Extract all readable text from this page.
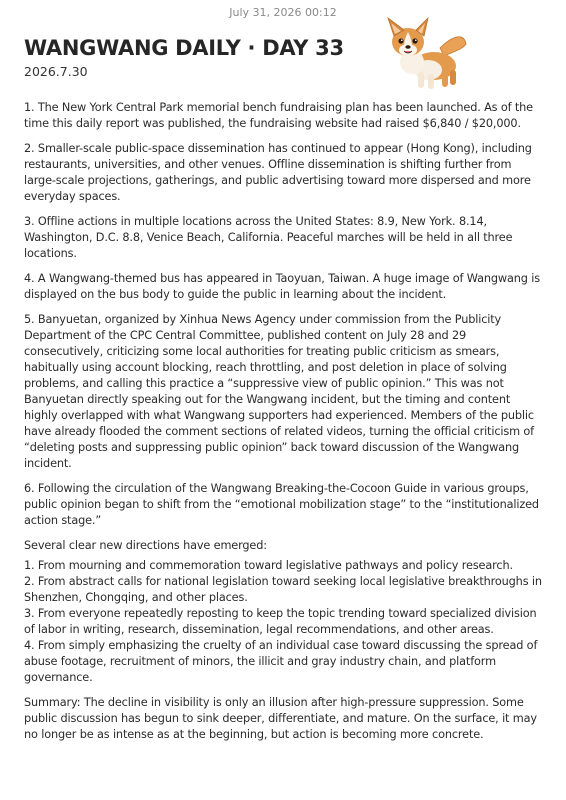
July 31, 2026 00:12
WANGWANG DAILY · DAY 33
2026.7.30

1. The New York Central Park memorial bench fundraising plan has been launched. As of the time this daily report was published, the fundraising website had raised $6,840 / $20,000.

2. Smaller-scale public-space dissemination has continued to appear (Hong Kong), including restaurants, universities, and other venues. Offline dissemination is shifting further from large-scale projections, gatherings, and public advertising toward more dispersed and more everyday spaces.

3. Offline actions in multiple locations across the United States: 8.9, New York. 8.14, Washington, D.C. 8.8, Venice Beach, California. Peaceful marches will be held in all three locations.

4. A Wangwang-themed bus has appeared in Taoyuan, Taiwan. A huge image of Wangwang is displayed on the bus body to guide the public in learning about the incident.

5. Banyuetan, organized by Xinhua News Agency under commission from the Publicity Department of the CPC Central Committee, published content on July 28 and 29 consecutively, criticizing some local authorities for treating public criticism as smears, habitually using account blocking, reach throttling, and post deletion in place of solving problems, and calling this practice a “suppressive view of public opinion.” This was not Banyuetan directly speaking out for the Wangwang incident, but the timing and content highly overlapped with what Wangwang supporters had experienced. Members of the public have already flooded the comment sections of related videos, turning the official criticism of “deleting posts and suppressing public opinion” back toward discussion of the Wangwang incident.

6. Following the circulation of the Wangwang Breaking-the-Cocoon Guide in various groups, public opinion began to shift from the “emotional mobilization stage” to the “institutionalized action stage.”

Several clear new directions have emerged:

1. From mourning and commemoration toward legislative pathways and policy research.

2. From abstract calls for national legislation toward seeking local legislative breakthroughs in Shenzhen, Chongqing, and other places.

3. From everyone repeatedly reposting to keep the topic trending toward specialized division of labor in writing, research, dissemination, legal recommendations, and other areas.

4. From simply emphasizing the cruelty of an individual case toward discussing the spread of abuse footage, recruitment of minors, the illicit and gray industry chain, and platform governance.

Summary: The decline in visibility is only an illusion after high-pressure suppression. Some public discussion has begun to sink deeper, differentiate, and mature. On the surface, it may no longer be as intense as at the beginning, but action is becoming more concrete.
